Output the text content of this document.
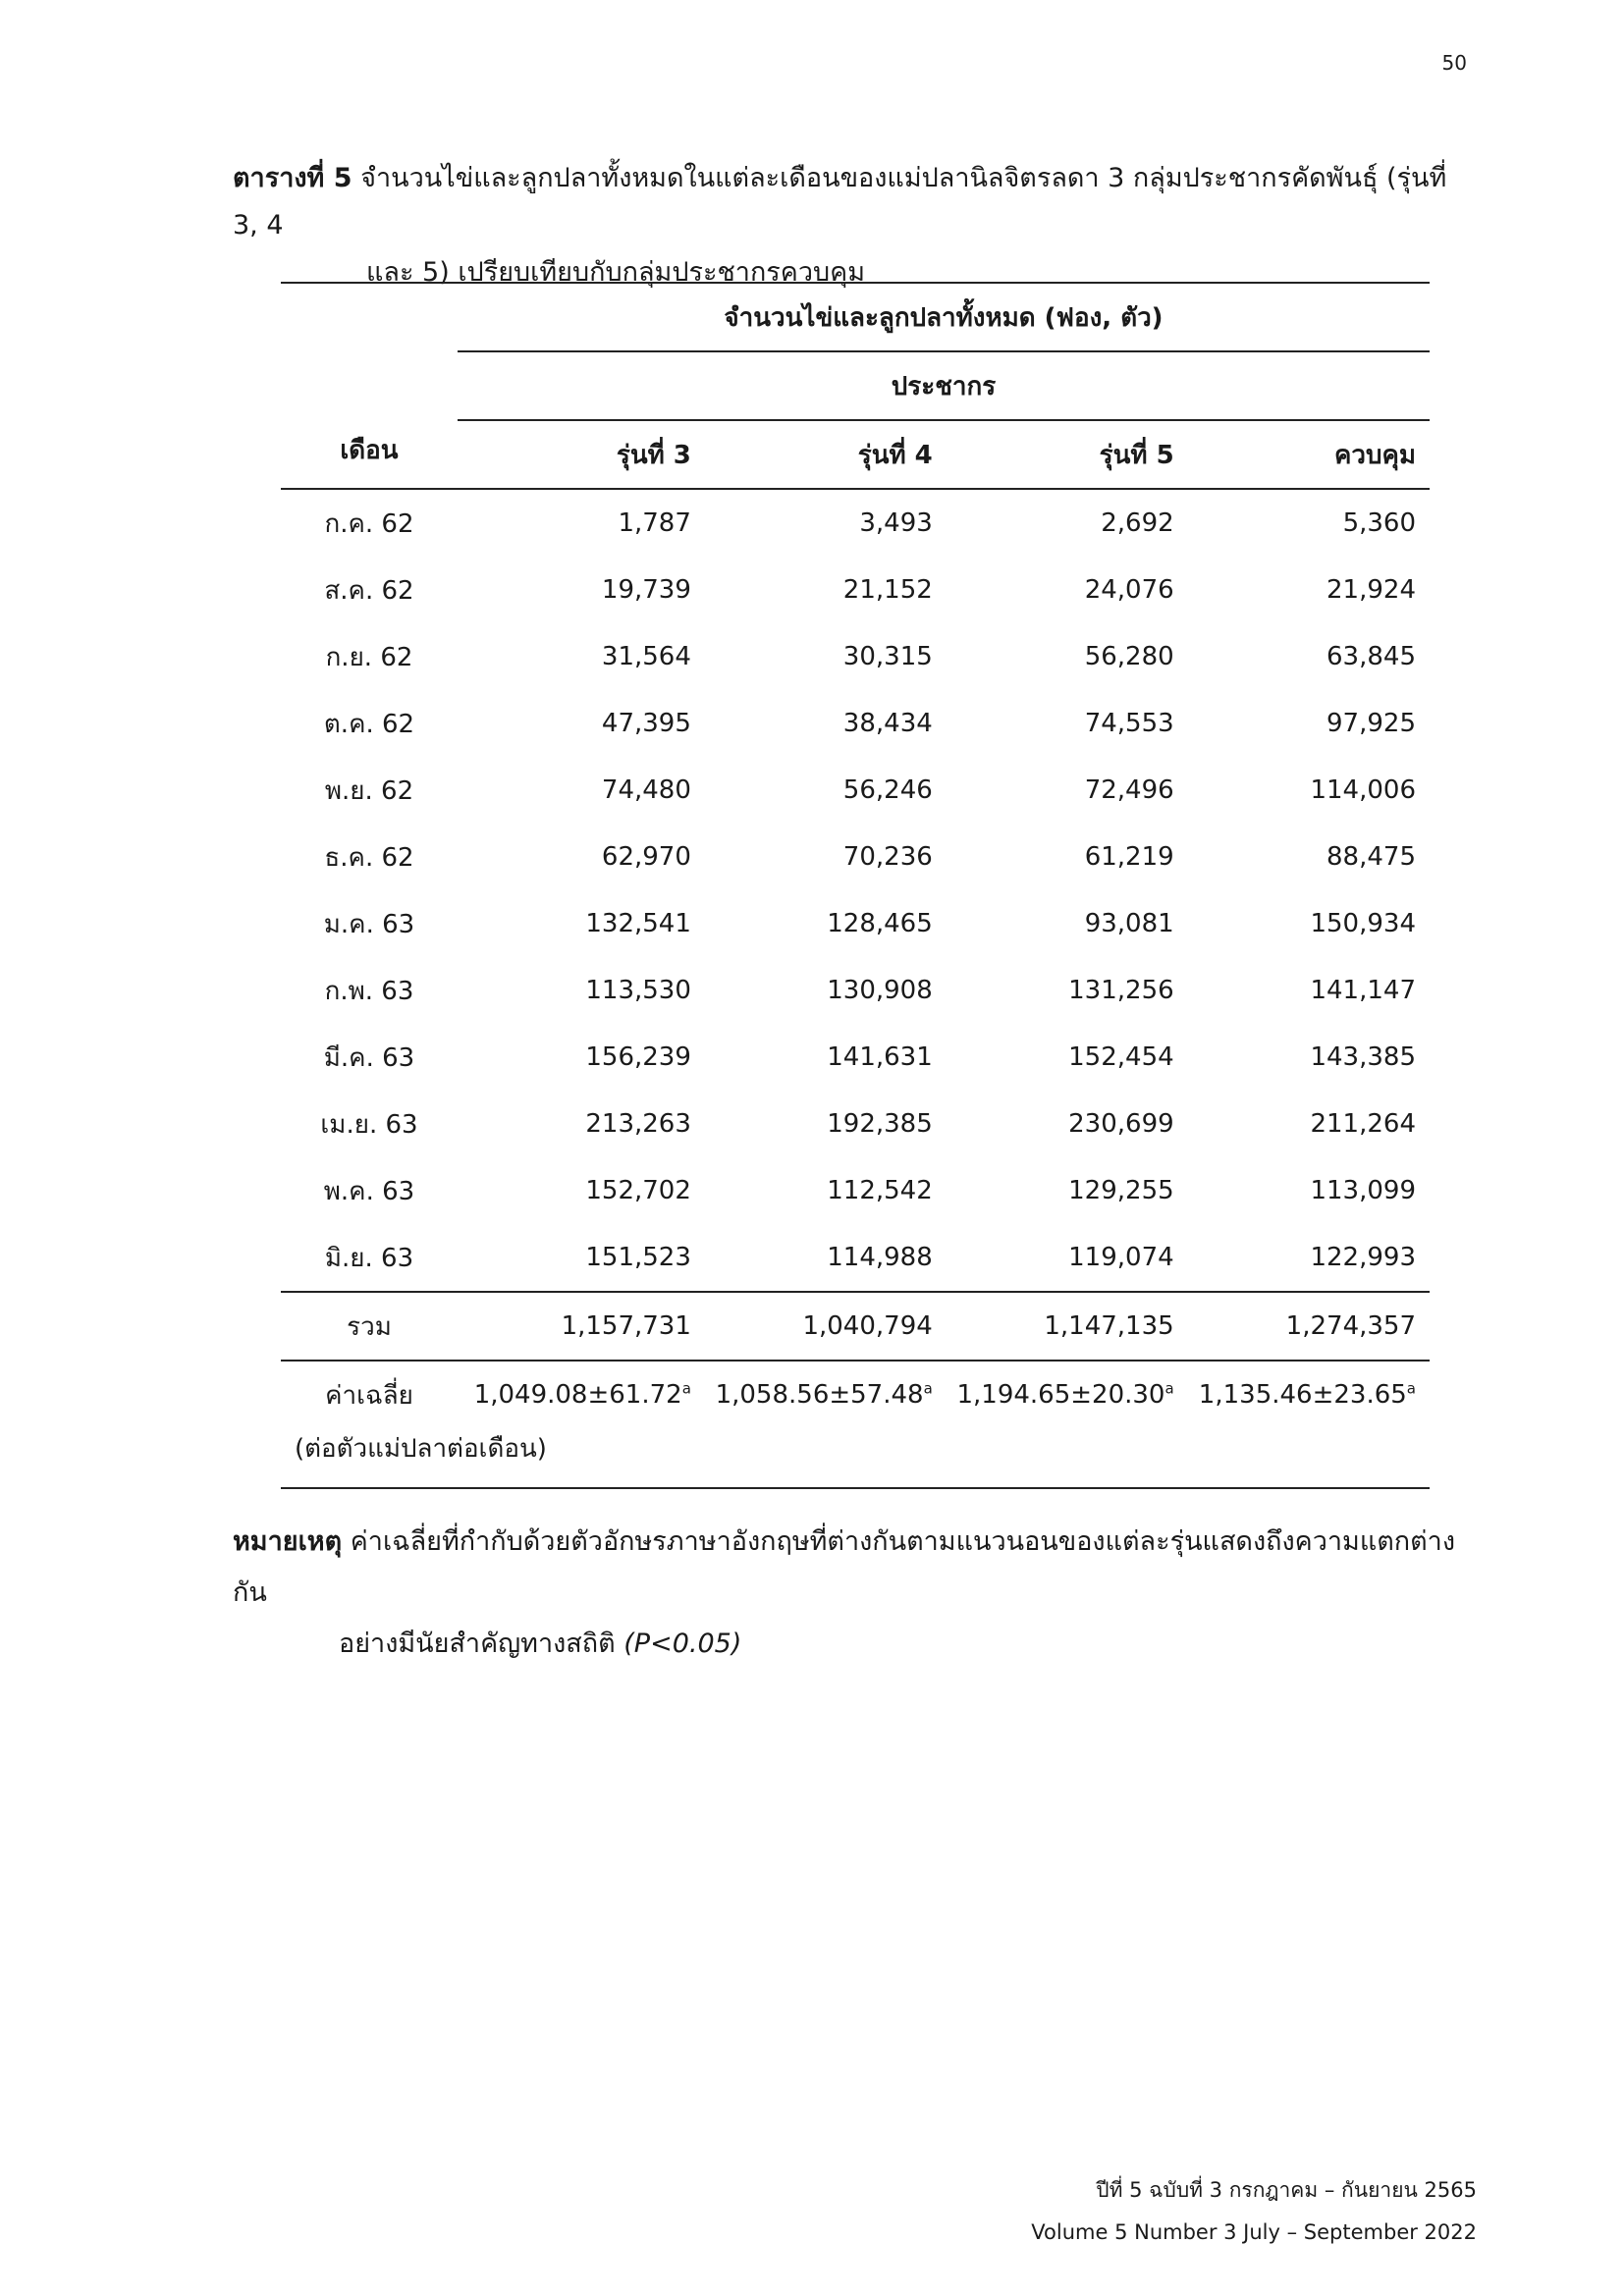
50
ตารางที่ 5 จำนวนไข่และลูกปลาทั้งหมดในแต่ละเดือนของแม่ปลานิลจิตรลดา 3 กลุ่มประชากรคัดพันธุ์ (รุ่นที่ 3, 4
และ 5) เปรียบเทียบกับกลุ่มประชากรควบคุม
เดือน	จำนวนไข่และลูกปลาทั้งหมด (ฟอง, ตัว)			
	ประชากร			
	รุ่นที่ 3	รุ่นที่ 4	รุ่นที่ 5	ควบคุม
ก.ค. 62	1,787	3,493	2,692	5,360
ส.ค. 62	19,739	21,152	24,076	21,924
ก.ย. 62	31,564	30,315	56,280	63,845
ต.ค. 62	47,395	38,434	74,553	97,925
พ.ย. 62	74,480	56,246	72,496	114,006
ธ.ค. 62	62,970	70,236	61,219	88,475
ม.ค. 63	132,541	128,465	93,081	150,934
ก.พ. 63	113,530	130,908	131,256	141,147
มี.ค. 63	156,239	141,631	152,454	143,385
เม.ย. 63	213,263	192,385	230,699	211,264
พ.ค. 63	152,702	112,542	129,255	113,099
มิ.ย. 63	151,523	114,988	119,074	122,993
รวม	1,157,731	1,040,794	1,147,135	1,274,357
ค่าเฉลี่ย	1,049.08±61.72$^a$	1,058.56±57.48$^a$	1,194.65±20.30$^a$	1,135.46±23.65$^a$
(ต่อตัวแม่ปลาต่อเดือน)				
หมายเหตุ ค่าเฉลี่ยที่กำกับด้วยตัวอักษรภาษาอังกฤษที่ต่างกันตามแนวนอนของแต่ละรุ่นแสดงถึงความแตกต่างกัน
อย่างมีนัยสำคัญทางสถิติ (P<0.05)
ปีที่ 5 ฉบับที่ 3 กรกฎาคม – กันยายน 2565
Volume 5 Number 3 July – September 2022
